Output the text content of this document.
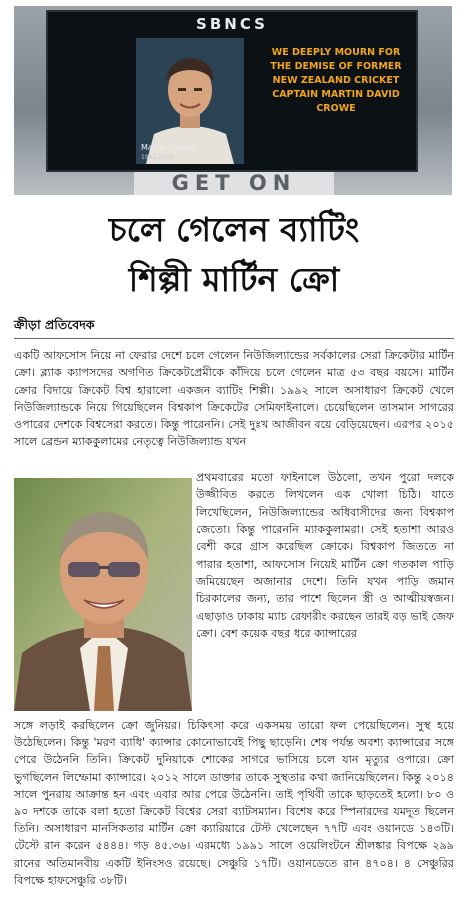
SBNCS
Martin Crowe
1962-2016
WE DEEPLY MOURN FOR THE DEMISE OF FORMER NEW ZEALAND CRICKET CAPTAIN MARTIN DAVID CROWE
GET ON
চলে গেলেন ব্যাটিং
শিল্পী মার্টিন ক্রো
ক্রীড়া প্রতিবেদক

একটি আফসোস নিয়ে না ফেরার দেশে চলে গেলেন নিউজিল্যান্ডের সর্বকালের সেরা ক্রিকেটার মার্টিন ক্রো। ব্ল্যাক ক্যাপসদের অগণিত ক্রিকেটপ্রেমীকে কাঁদিয়ে চলে গেলেন মাত্র ৫৩ বছর বয়সে। মার্টিন ক্রোর বিদায়ে ক্রিকেট বিশ্ব হারালো একজন ব্যাটিং শিল্পী। ১৯৯২ সালে অসাধারণ ক্রিকেট খেলে নিউজিল্যান্ডকে নিয়ে গিয়েছিলেন বিশ্বকাপ ক্রিকেটের সেমিফাইনালে। চেয়েছিলেন তাসমান সাগরের ওপারের দেশকে বিশ্বসেরা করতে। কিন্তু পারেননি। সেই দুঃখ আজীবন বয়ে বেড়িয়েছেন। এরপর ২০১৫ সালে ব্রেন্ডন ম্যাককুলামের নেতৃত্বে নিউজিল্যান্ড যখন

প্রথমবারের মতো ফাইনালে উঠলো, তখন পুরো দলকে উজ্জীবিত করতে লিখলেন এক খোলা চিঠি। যাতে লিখেছিলেন, নিউজিল্যান্ডের অধিবাসীদের জন্য বিশ্বকাপ জেতো। কিন্তু পারেননি ম্যাককুলামরা। সেই হতাশা আরও বেশী করে গ্রাস করেছিল ক্রোকে। বিশ্বকাপ জিততে না পারার হতাশা, আফসোস নিয়েই মার্টিন ক্রো গতকাল পাড়ি জমিয়েছেন অজানার দেশে। তিনি যখন পাড়ি জমান চিরকালের জন্য, তার পাশে ছিলেন স্ত্রী ও আত্মীয়স্বজন। এছাড়াও ঢাকায় ম্যাচ রেফারীং করছেন তারই বড় ভাই জেফ ক্রো। বেশ কয়েক বছর ধরে ক্যান্সারের

সঙ্গে লড়াই করছিলেন ক্রো জুনিয়র। চিকিৎসা করে একসময় তারো ফল পেয়েছিলেন। সুস্থ হয়ে উঠেছিলেন। কিন্তু 'মরণ ব্যাধি' ক্যান্সার কোনোভাবেই পিছু ছাড়েনি। শেষ পর্যন্ত অবশ্য ক্যান্সারের সঙ্গে পেরে উঠেননি তিনি। ক্রিকেট দুনিয়াকে শোকের সাগরে ভাসিয়ে চলে যান মৃত্যুর ওপারে। ক্রো ভুগছিলেন লিম্ফোমা ক্যান্সারে। ২০১২ সালে ডাক্তার তাকে সুস্থতার কথা জানিয়েছিলেন। কিন্তু ২০১৪ সালে পুনরায় আক্রান্ত হন এবং এবার আর পেরে উঠেননি। তাই পৃথিবী তাকে ছাড়তেই হলো। ৮০ ও ৯০ দশকে তাকে বলা হতো ক্রিকেট বিশ্বের সেরা ব্যাটসম্যান। বিশেষ করে স্পিনারদের যমদূত ছিলেন তিনি। অসাধারণ মানসিকতার মার্টিন ক্রো ক্যারিয়ারে টেস্ট খেলেছেন ৭৭টি এবং ওয়ানডে ১৪৩টি। টেস্টে রান করেন ৫৪৪৪। গড় ৪৫.৩৬। এরমধ্যে ১৯৯১ সালে ওয়েলিংটনে শ্রীলঙ্কার বিপক্ষে ২৯৯ রানের অতিমানবীয় একটি ইনিংসও রয়েছে। সেঞ্চুরি ১৭টি। ওয়ানডেতে রান ৪৭০৪। ৪ সেঞ্চুরির বিপক্ষে হাফসেঞ্চুরি ৩৮টি।
